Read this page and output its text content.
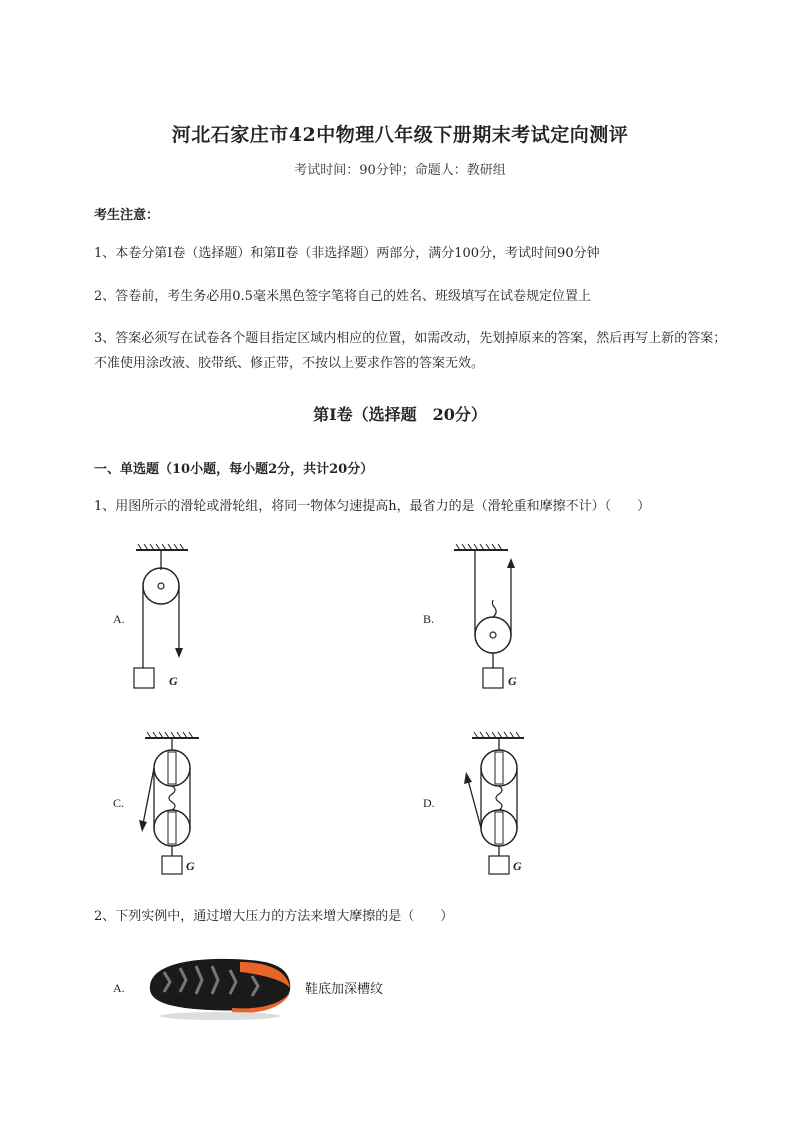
河北石家庄市42中物理八年级下册期末考试定向测评
考试时间：90分钟；命题人：教研组
考生注意：
1、本卷分第I卷（选择题）和第Ⅱ卷（非选择题）两部分，满分100分，考试时间90分钟
2、答卷前，考生务必用0.5毫米黑色签字笔将自己的姓名、班级填写在试卷规定位置上
3、答案必须写在试卷各个题目指定区域内相应的位置，如需改动，先划掉原来的答案，然后再写上新的答案；不准使用涂改液、胶带纸、修正带，不按以上要求作答的答案无效。
第I卷（选择题　20分）
一、单选题（10小题，每小题2分，共计20分）
1、用图所示的滑轮或滑轮组，将同一物体匀速提高h，最省力的是（滑轮重和摩擦不计）（　　）
A.
G
B.
G
C.
G
D.
G
2、下列实例中，通过增大压力的方法来增大摩擦的是（　　）
A.	鞋底加深槽纹
